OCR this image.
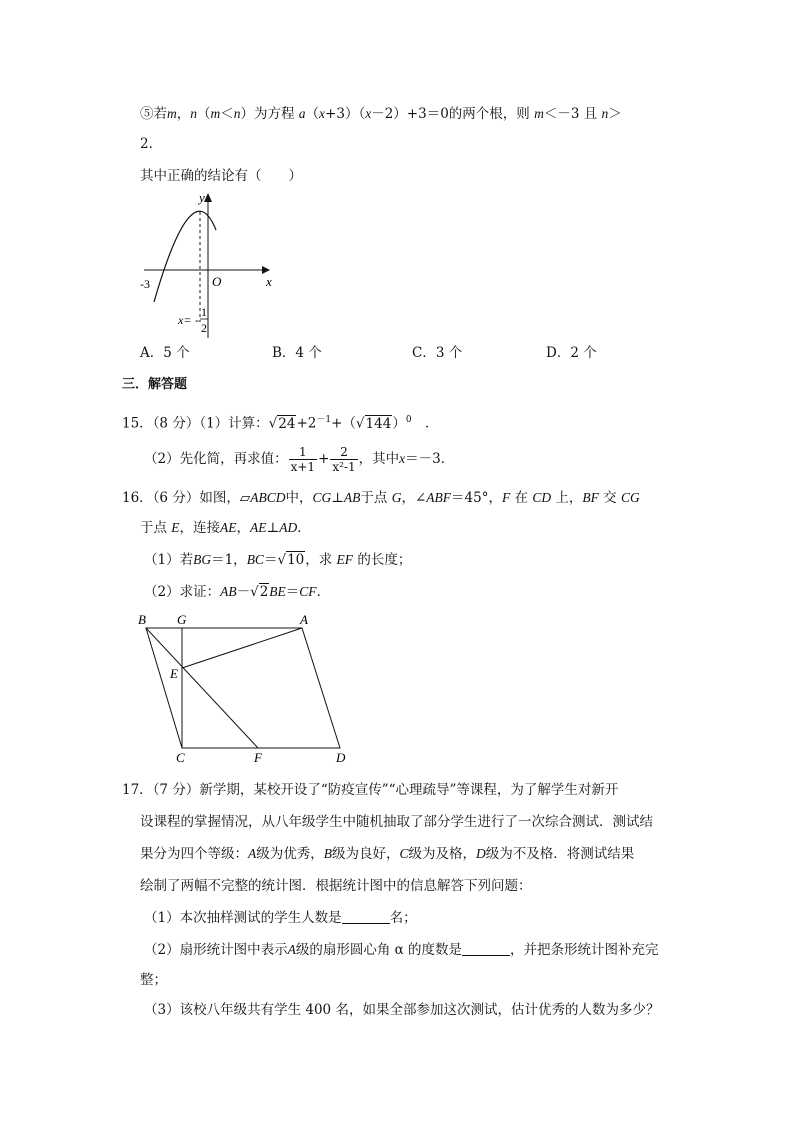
⑤若m，n（m＜n）为方程 a（x+3）（x－2）+3＝0的两个根，则 m＜－3 且 n＞
2．
其中正确的结论有（　　）
y
x
O
-3
x= -
1
2
A．5 个	B．4 个	C．3 个	D．2 个
三．解答题
15．（8 分）（1）计算：$√24+2^{-1}+(√144)^0$　．
（2）先化简，再求值： $\frac{1}{x+1} + \frac{2}{\text{x²-1}}$ ，其中x＝－3．
16．（6 分）如图，▱ABCD中，CG⊥AB于点 G，∠ABF＝45°，F 在 CD 上，BF 交 CG
于点 E，连接AE，AE⊥AD．
（1）若BG＝1，BC＝√10，求 EF 的长度；
（2）求证：AB－√2BE＝CF．
B G	A
E
C	F	D
17．（7 分）新学期，某校开设了“防疫宣传”“心理疏导”等课程，为了解学生对新开
设课程的掌握情况，从八年级学生中随机抽取了部分学生进行了一次综合测试．测试结
果分为四个等级：A级为优秀，B级为良好，C级为及格，D级为不及格．将测试结果
绘制了两幅不完整的统计图．根据统计图中的信息解答下列问题：
（1）本次抽样测试的学生人数是	名；
（2）扇形统计图中表示A级的扇形圆心角 α 的度数是	，并把条形统计图补充完
整；
（3）该校八年级共有学生 400 名，如果全部参加这次测试，估计优秀的人数为多少？
